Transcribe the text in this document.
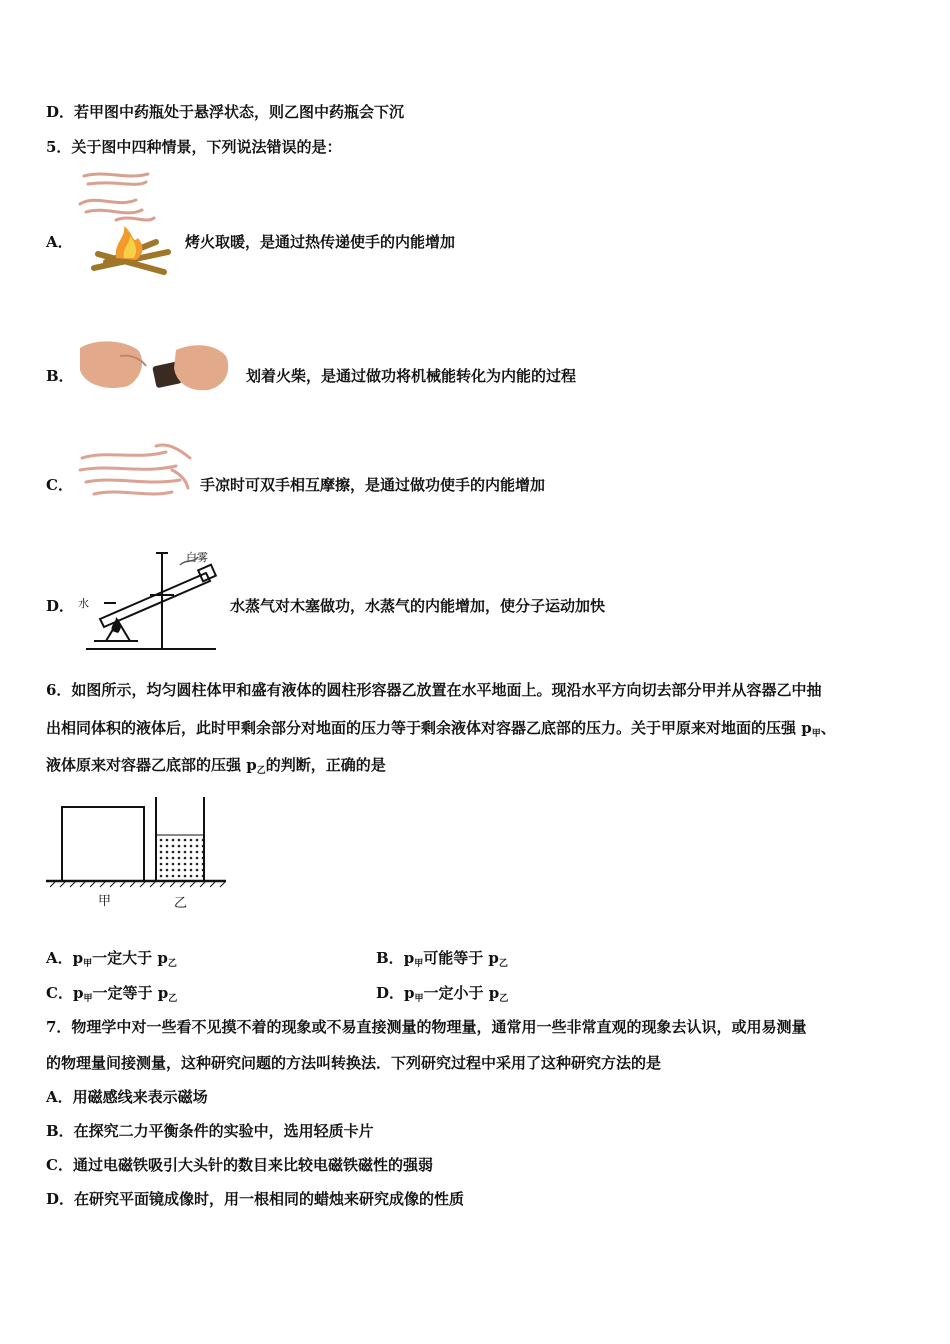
D．若甲图中药瓶处于悬浮状态，则乙图中药瓶会下沉
5．关于图中四种情景，下列说法错误的是：
A．	烤火取暖，是通过热传递使手的内能增加
B．	划着火柴，是通过做功将机械能转化为内能的过程
C．	手凉时可双手相互摩擦，是通过做功使手的内能增加
D．
白雾
水	水蒸气对木塞做功，水蒸气的内能增加，使分子运动加快
6．如图所示，均匀圆柱体甲和盛有液体的圆柱形容器乙放置在水平地面上。现沿水平方向切去部分甲并从容器乙中抽
出相同体积的液体后，此时甲剩余部分对地面的压力等于剩余液体对容器乙底部的压力。关于甲原来对地面的压强 $p_甲$、
液体原来对容器乙底部的压强 $p_乙$的判断，正确的是
甲	乙
A．$p_甲$一定大于 $p_乙$	B．$p_甲$可能等于 $p_乙$
C．$p_甲$一定等于 $p_乙$	D．$p_甲$一定小于 $p_乙$
7．物理学中对一些看不见摸不着的现象或不易直接测量的物理量，通常用一些非常直观的现象去认识，或用易测量
的物理量间接测量，这种研究问题的方法叫转换法．下列研究过程中采用了这种研究方法的是
A．用磁感线来表示磁场
B．在探究二力平衡条件的实验中，选用轻质卡片
C．通过电磁铁吸引大头针的数目来比较电磁铁磁性的强弱
D．在研究平面镜成像时，用一根相同的蜡烛来研究成像的性质
